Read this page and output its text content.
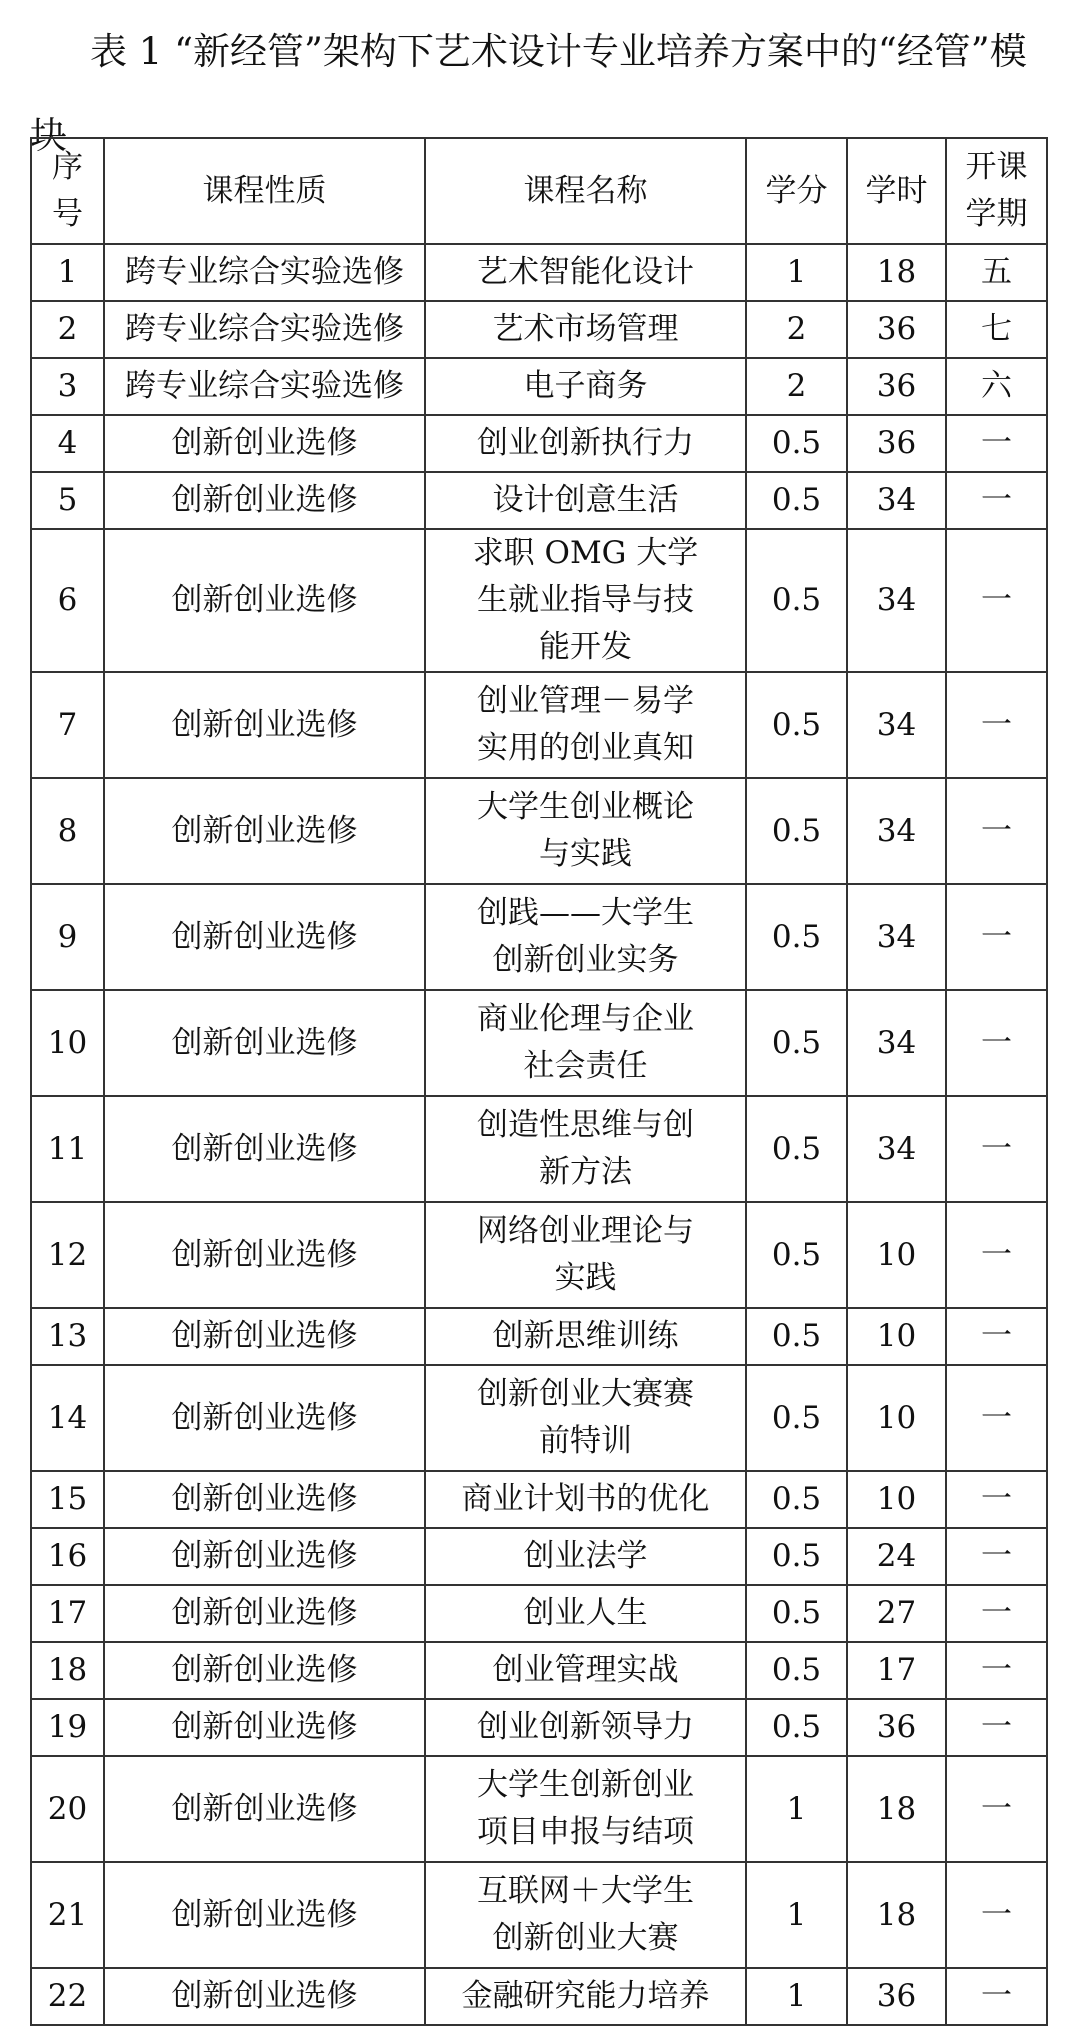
表 1 “新经管”架构下艺术设计专业培养方案中的“经管”模块
序号	课程性质	课程名称	学分	学时	开课学期

1	跨专业综合实验选修	艺术智能化设计	1	18	五
2	跨专业综合实验选修	艺术市场管理	2	36	七
3	跨专业综合实验选修	电子商务	2	36	六
4	创新创业选修	创业创新执行力	0.5	36	一
5	创新创业选修	设计创意生活	0.5	34	一
6	创新创业选修	求职 OMG 大学生就业指导与技能开发	0.5	34	一
7	创新创业选修	创业管理－易学实用的创业真知	0.5	34	一
8	创新创业选修	大学生创业概论与实践	0.5	34	一
9	创新创业选修	创践——大学生创新创业实务	0.5	34	一
10	创新创业选修	商业伦理与企业社会责任	0.5	34	一
11	创新创业选修	创造性思维与创新方法	0.5	34	一
12	创新创业选修	网络创业理论与实践	0.5	10	一
13	创新创业选修	创新思维训练	0.5	10	一
14	创新创业选修	创新创业大赛赛前特训	0.5	10	一
15	创新创业选修	商业计划书的优化	0.5	10	一
16	创新创业选修	创业法学	0.5	24	一
17	创新创业选修	创业人生	0.5	27	一
18	创新创业选修	创业管理实战	0.5	17	一
19	创新创业选修	创业创新领导力	0.5	36	一
20	创新创业选修	大学生创新创业项目申报与结项	1	18	一
21	创新创业选修	互联网＋大学生创新创业大赛	1	18	一
22	创新创业选修	金融研究能力培养	1	36	一
